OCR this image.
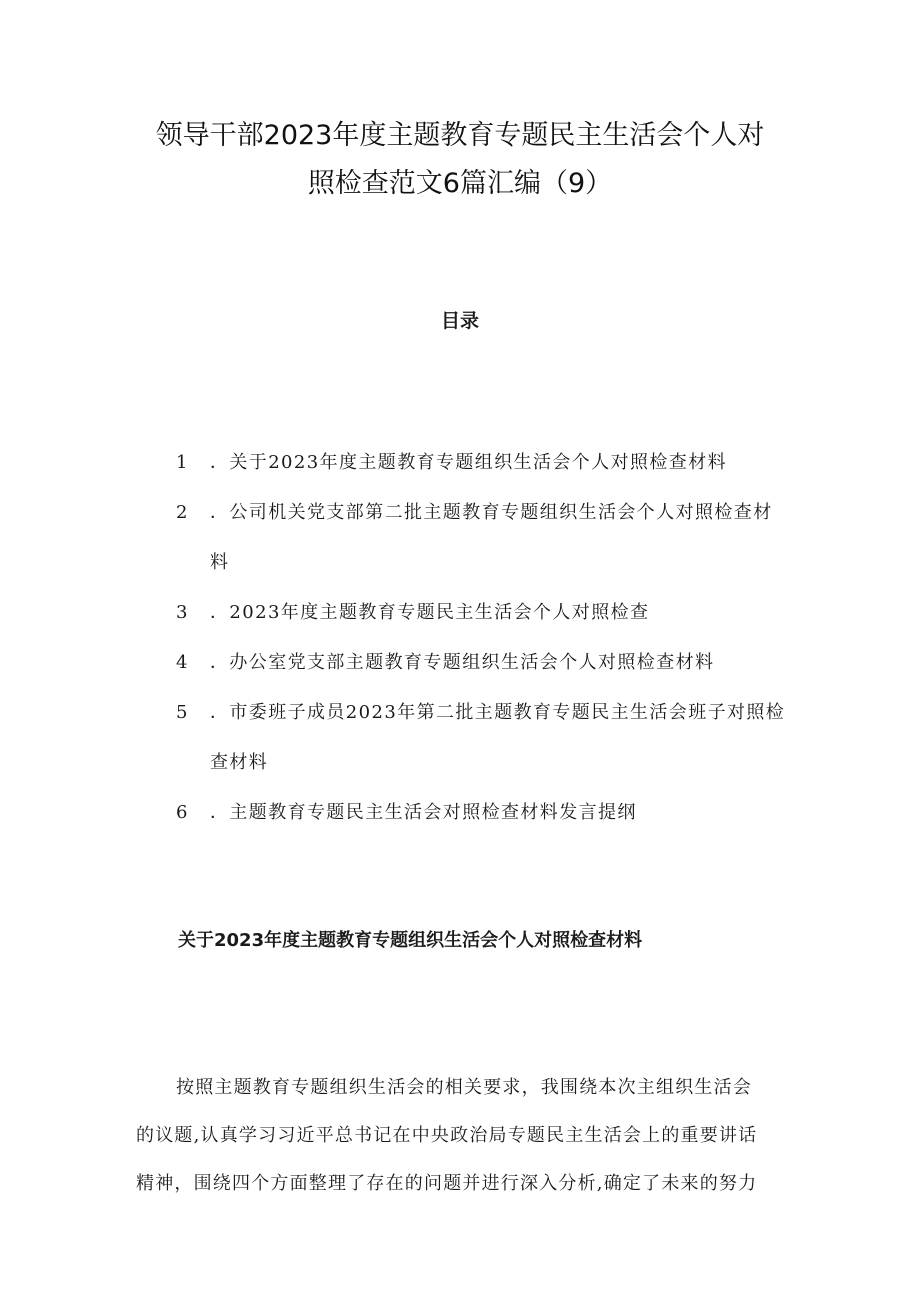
领导干部2023年度主题教育专题民主生活会个人对
照检查范文6篇汇编（9）
目录
1 ．关于2023年度主题教育专题组织生活会个人对照检查材料
2 ．公司机关党支部第二批主题教育专题组织生活会个人对照检查材
料
3 ．2023年度主题教育专题民主生活会个人对照检查
4 ．办公室党支部主题教育专题组织生活会个人对照检查材料
5 ．市委班子成员2023年第二批主题教育专题民主生活会班子对照检
查材料
6 ．主题教育专题民主生活会对照检查材料发言提纲
关于2023年度主题教育专题组织生活会个人对照检查材料
按照主题教育专题组织生活会的相关要求，我围绕本次主组织生活会
的议题,认真学习习近平总书记在中央政治局专题民主生活会上的重要讲话
精神，围绕四个方面整理了存在的问题并进行深入分析,确定了未来的努力
